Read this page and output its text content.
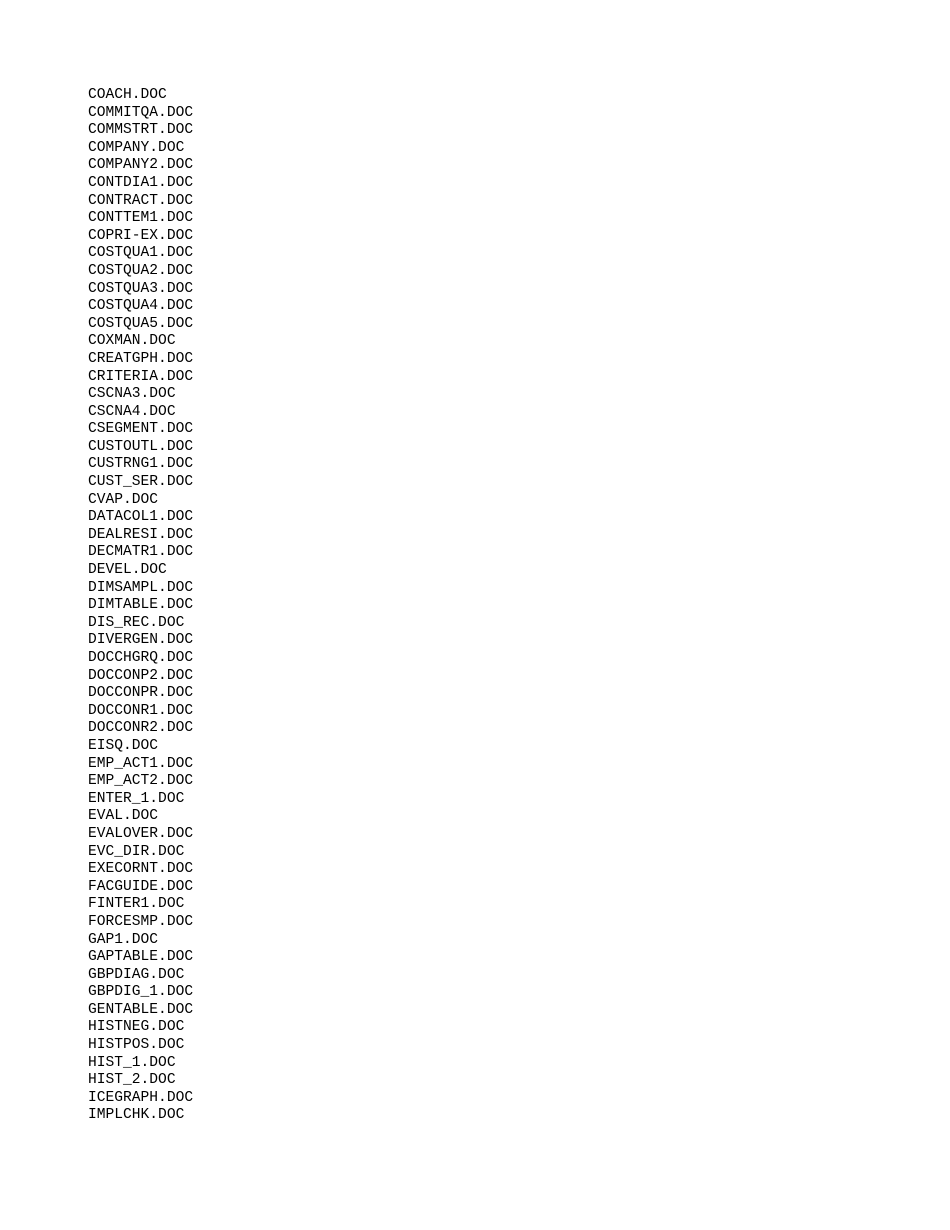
COACH.DOC
COMMITQA.DOC
COMMSTRT.DOC
COMPANY.DOC
COMPANY2.DOC
CONTDIA1.DOC
CONTRACT.DOC
CONTTEM1.DOC
COPRI-EX.DOC
COSTQUA1.DOC
COSTQUA2.DOC
COSTQUA3.DOC
COSTQUA4.DOC
COSTQUA5.DOC
COXMAN.DOC
CREATGPH.DOC
CRITERIA.DOC
CSCNA3.DOC
CSCNA4.DOC
CSEGMENT.DOC
CUSTOUTL.DOC
CUSTRNG1.DOC
CUST_SER.DOC
CVAP.DOC
DATACOL1.DOC
DEALRESI.DOC
DECMATR1.DOC
DEVEL.DOC
DIMSAMPL.DOC
DIMTABLE.DOC
DIS_REC.DOC
DIVERGEN.DOC
DOCCHGRQ.DOC
DOCCONP2.DOC
DOCCONPR.DOC
DOCCONR1.DOC
DOCCONR2.DOC
EISQ.DOC
EMP_ACT1.DOC
EMP_ACT2.DOC
ENTER_1.DOC
EVAL.DOC
EVALOVER.DOC
EVC_DIR.DOC
EXECORNT.DOC
FACGUIDE.DOC
FINTER1.DOC
FORCESMP.DOC
GAP1.DOC
GAPTABLE.DOC
GBPDIAG.DOC
GBPDIG_1.DOC
GENTABLE.DOC
HISTNEG.DOC
HISTPOS.DOC
HIST_1.DOC
HIST_2.DOC
ICEGRAPH.DOC
IMPLCHK.DOC
